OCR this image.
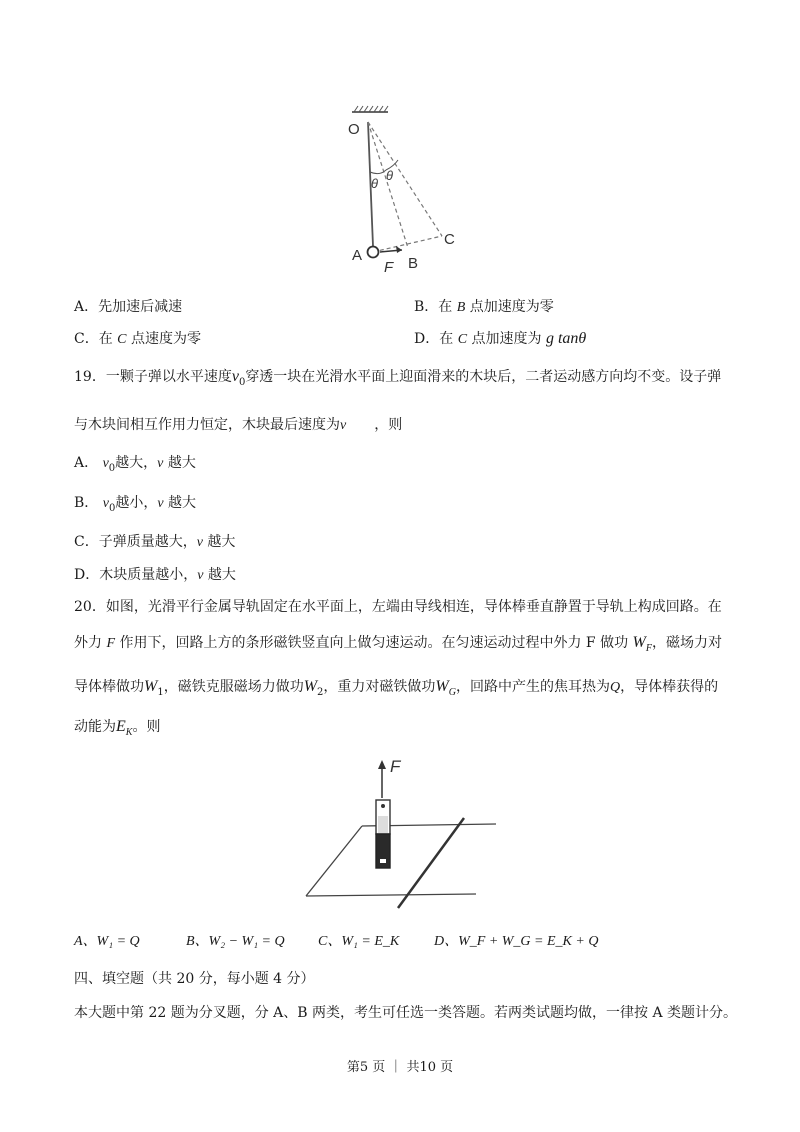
O
θ
θ
A
F B
C
A．先加速后减速	B．在 B 点加速度为零
C．在 C 点速度为零	D．在 C 点加速度为 g tanθ
19．一颗子弹以水平速度$v_0$穿透一块在光滑水平面上迎面滑来的木块后，二者运动感方向均不变。设子弹
与木块间相互作用力恒定，木块最后速度为v ，则
A． $v_0$越大，v 越大
B． $v_0$越小，v 越大
C．子弹质量越大，v 越大
D．木块质量越小，v 越大
20．如图，光滑平行金属导轨固定在水平面上，左端由导线相连，导体棒垂直静置于导轨上构成回路。在
外力 F 作用下，回路上方的条形磁铁竖直向上做匀速运动。在匀速运动过程中外力 F 做功 $W_F$，磁场力对
导体棒做功$W_1$，磁铁克服磁场力做功$W_2$，重力对磁铁做功$W_G$，回路中产生的焦耳热为Q，导体棒获得的
动能为$E_K$。则
F
A、W₁ = Q	B、W₂ − W₁ = Q C、W₁ = E_K D、W_F + W_G = E_K + Q
四、填空题（共 20 分，每小题 4 分）
本大题中第 22 题为分叉题，分 A、B 两类，考生可任选一类答题。若两类试题均做，一律按 A 类题计分。
第5 页 ｜ 共10 页
